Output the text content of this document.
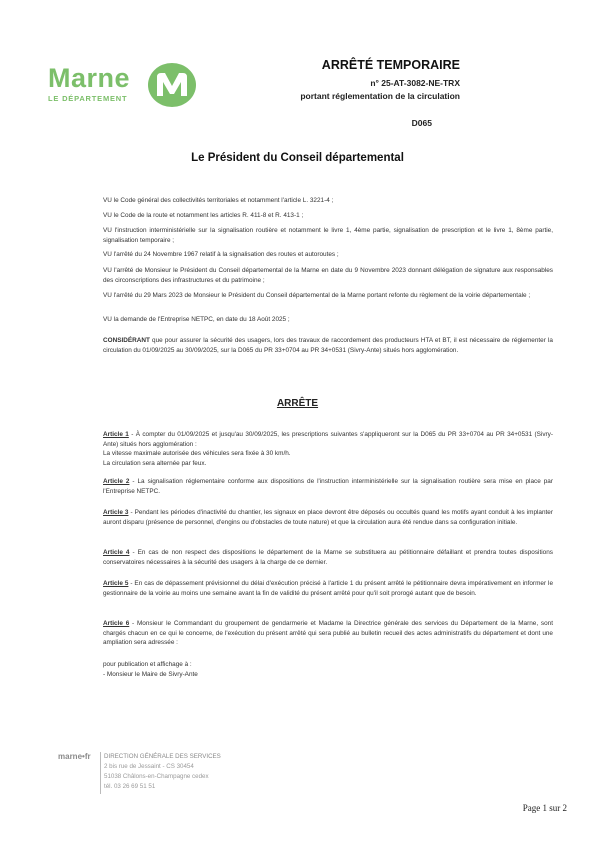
Marne
LE DÉPARTEMENT
ARRÊTÉ TEMPORAIRE
n° 25-AT-3082-NE-TRX
portant réglementation de la circulation
D065
Le Président du Conseil départemental
VU le Code général des collectivités territoriales et notamment l'article L. 3221-4 ;
VU le Code de la route et notamment les articles R. 411-8 et R. 413-1 ;
VU l'instruction interministérielle sur la signalisation routière et notamment le livre 1, 4ème partie, signalisation de prescription et le livre 1, 8ème partie, signalisation temporaire ;
VU l'arrêté du 24 Novembre 1967 relatif à la signalisation des routes et autoroutes ;
VU l'arrêté de Monsieur le Président du Conseil départemental de la Marne en date du 9 Novembre 2023 donnant délégation de signature aux responsables des circonscriptions des infrastructures et du patrimoine ;
VU l'arrêté du 29 Mars 2023 de Monsieur le Président du Conseil départemental de la Marne portant refonte du règlement de la voirie départementale ;
VU la demande de l'Entreprise NETPC, en date du 18 Août 2025 ;
CONSIDÉRANT que pour assurer la sécurité des usagers, lors des travaux de raccordement des producteurs HTA et BT, il est nécessaire de réglementer la circulation du 01/09/2025 au 30/09/2025, sur la D065 du PR 33+0704 au PR 34+0531 (Sivry-Ante) situés hors agglomération.
ARRÊTE
Article 1 - À compter du 01/09/2025 et jusqu'au 30/09/2025, les prescriptions suivantes s'appliqueront sur la D065 du PR 33+0704 au PR 34+0531 (Sivry-Ante) situés hors agglomération :
La vitesse maximale autorisée des véhicules sera fixée à 30 km/h.
La circulation sera alternée par feux.
Article 2 - La signalisation réglementaire conforme aux dispositions de l'instruction interministérielle sur la signalisation routière sera mise en place par l'Entreprise NETPC.
Article 3 - Pendant les périodes d'inactivité du chantier, les signaux en place devront être déposés ou occultés quand les motifs ayant conduit à les implanter auront disparu (présence de personnel, d'engins ou d'obstacles de toute nature) et que la circulation aura été rendue dans sa configuration initiale.
Article 4 - En cas de non respect des dispositions le département de la Marne se substituera au pétitionnaire défaillant et prendra toutes dispositions conservatoires nécessaires à la sécurité des usagers à la charge de ce dernier.
Article 5 - En cas de dépassement prévisionnel du délai d'exécution précisé à l'article 1 du présent arrêté le pétitionnaire devra impérativement en informer le gestionnaire de la voirie au moins une semaine avant la fin de validité du présent arrêté pour qu'il soit prorogé autant que de besoin.
Article 6 - Monsieur le Commandant du groupement de gendarmerie et Madame la Directrice générale des services du Département de la Marne, sont chargés chacun en ce qui le concerne, de l'exécution du présent arrêté qui sera publié au bulletin recueil des actes administratifs du département et dont une ampliation sera adressée :
pour publication et affichage à :
- Monsieur le Maire de Sivry-Ante
marne•fr DIRECTION GÉNÉRALE DES SERVICES
2 bis rue de Jessaint - CS 30454
51038 Châlons-en-Champagne cedex
tél. 03 26 69 51 51
Page 1 sur 2
